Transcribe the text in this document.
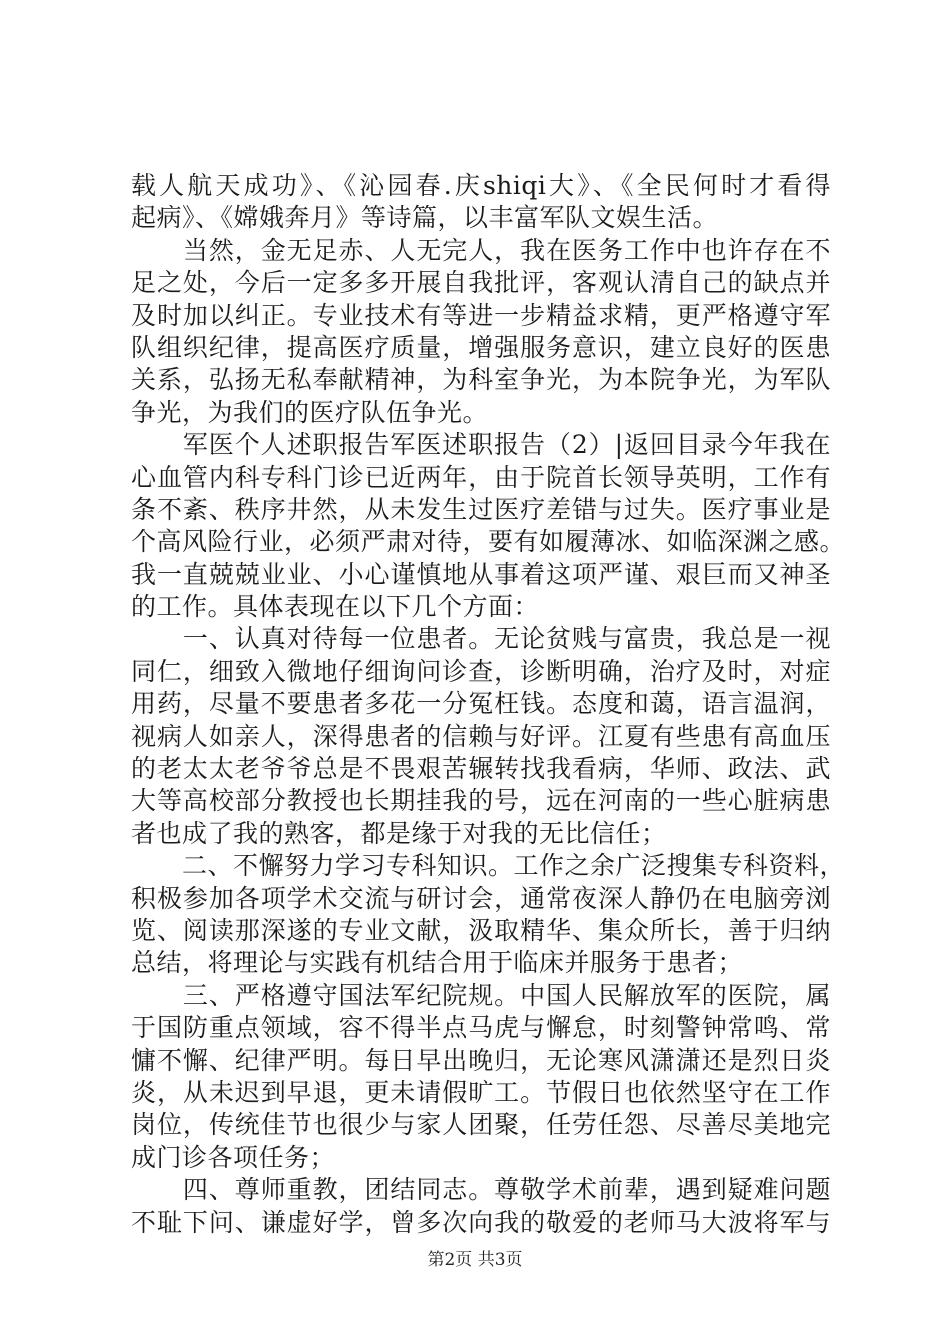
载人航天成功》、《沁园春.庆shiqi大》、《全民何时才看得
起病》、《嫦娥奔月》等诗篇，以丰富军队文娱生活。
　　当然，金无足赤、人无完人，我在医务工作中也许存在不
足之处，今后一定多多开展自我批评，客观认清自己的缺点并
及时加以纠正。专业技术有等进一步精益求精，更严格遵守军
队组织纪律，提高医疗质量，增强服务意识，建立良好的医患
关系，弘扬无私奉献精神，为科室争光，为本院争光，为军队
争光，为我们的医疗队伍争光。
　　军医个人述职报告军医述职报告（2）|返回目录今年我在
心血管内科专科门诊已近两年，由于院首长领导英明，工作有
条不紊、秩序井然，从未发生过医疗差错与过失。医疗事业是
个高风险行业，必须严肃对待，要有如履薄冰、如临深渊之感。
我一直兢兢业业、小心谨慎地从事着这项严谨、艰巨而又神圣
的工作。具体表现在以下几个方面：
　　一、认真对待每一位患者。无论贫贱与富贵，我总是一视
同仁，细致入微地仔细询问诊查，诊断明确，治疗及时，对症
用药，尽量不要患者多花一分冤枉钱。态度和蔼，语言温润，
视病人如亲人，深得患者的信赖与好评。江夏有些患有高血压
的老太太老爷爷总是不畏艰苦辗转找我看病，华师、政法、武
大等高校部分教授也长期挂我的号，远在河南的一些心脏病患
者也成了我的熟客，都是缘于对我的无比信任；
　　二、不懈努力学习专科知识。工作之余广泛搜集专科资料，
积极参加各项学术交流与研讨会，通常夜深人静仍在电脑旁浏
览、阅读那深遂的专业文献，汲取精华、集众所长，善于归纳
总结，将理论与实践有机结合用于临床并服务于患者；
　　三、严格遵守国法军纪院规。中国人民解放军的医院，属
于国防重点领域，容不得半点马虎与懈怠，时刻警钟常鸣、常
慵不懈、纪律严明。每日早出晚归，无论寒风潇潇还是烈日炎
炎，从未迟到早退，更未请假旷工。节假日也依然坚守在工作
岗位，传统佳节也很少与家人团聚，任劳任怨、尽善尽美地完
成门诊各项任务；
　　四、尊师重教，团结同志。尊敬学术前辈，遇到疑难问题
不耻下问、谦虚好学，曾多次向我的敬爱的老师马大波将军与
第2页 共3页
